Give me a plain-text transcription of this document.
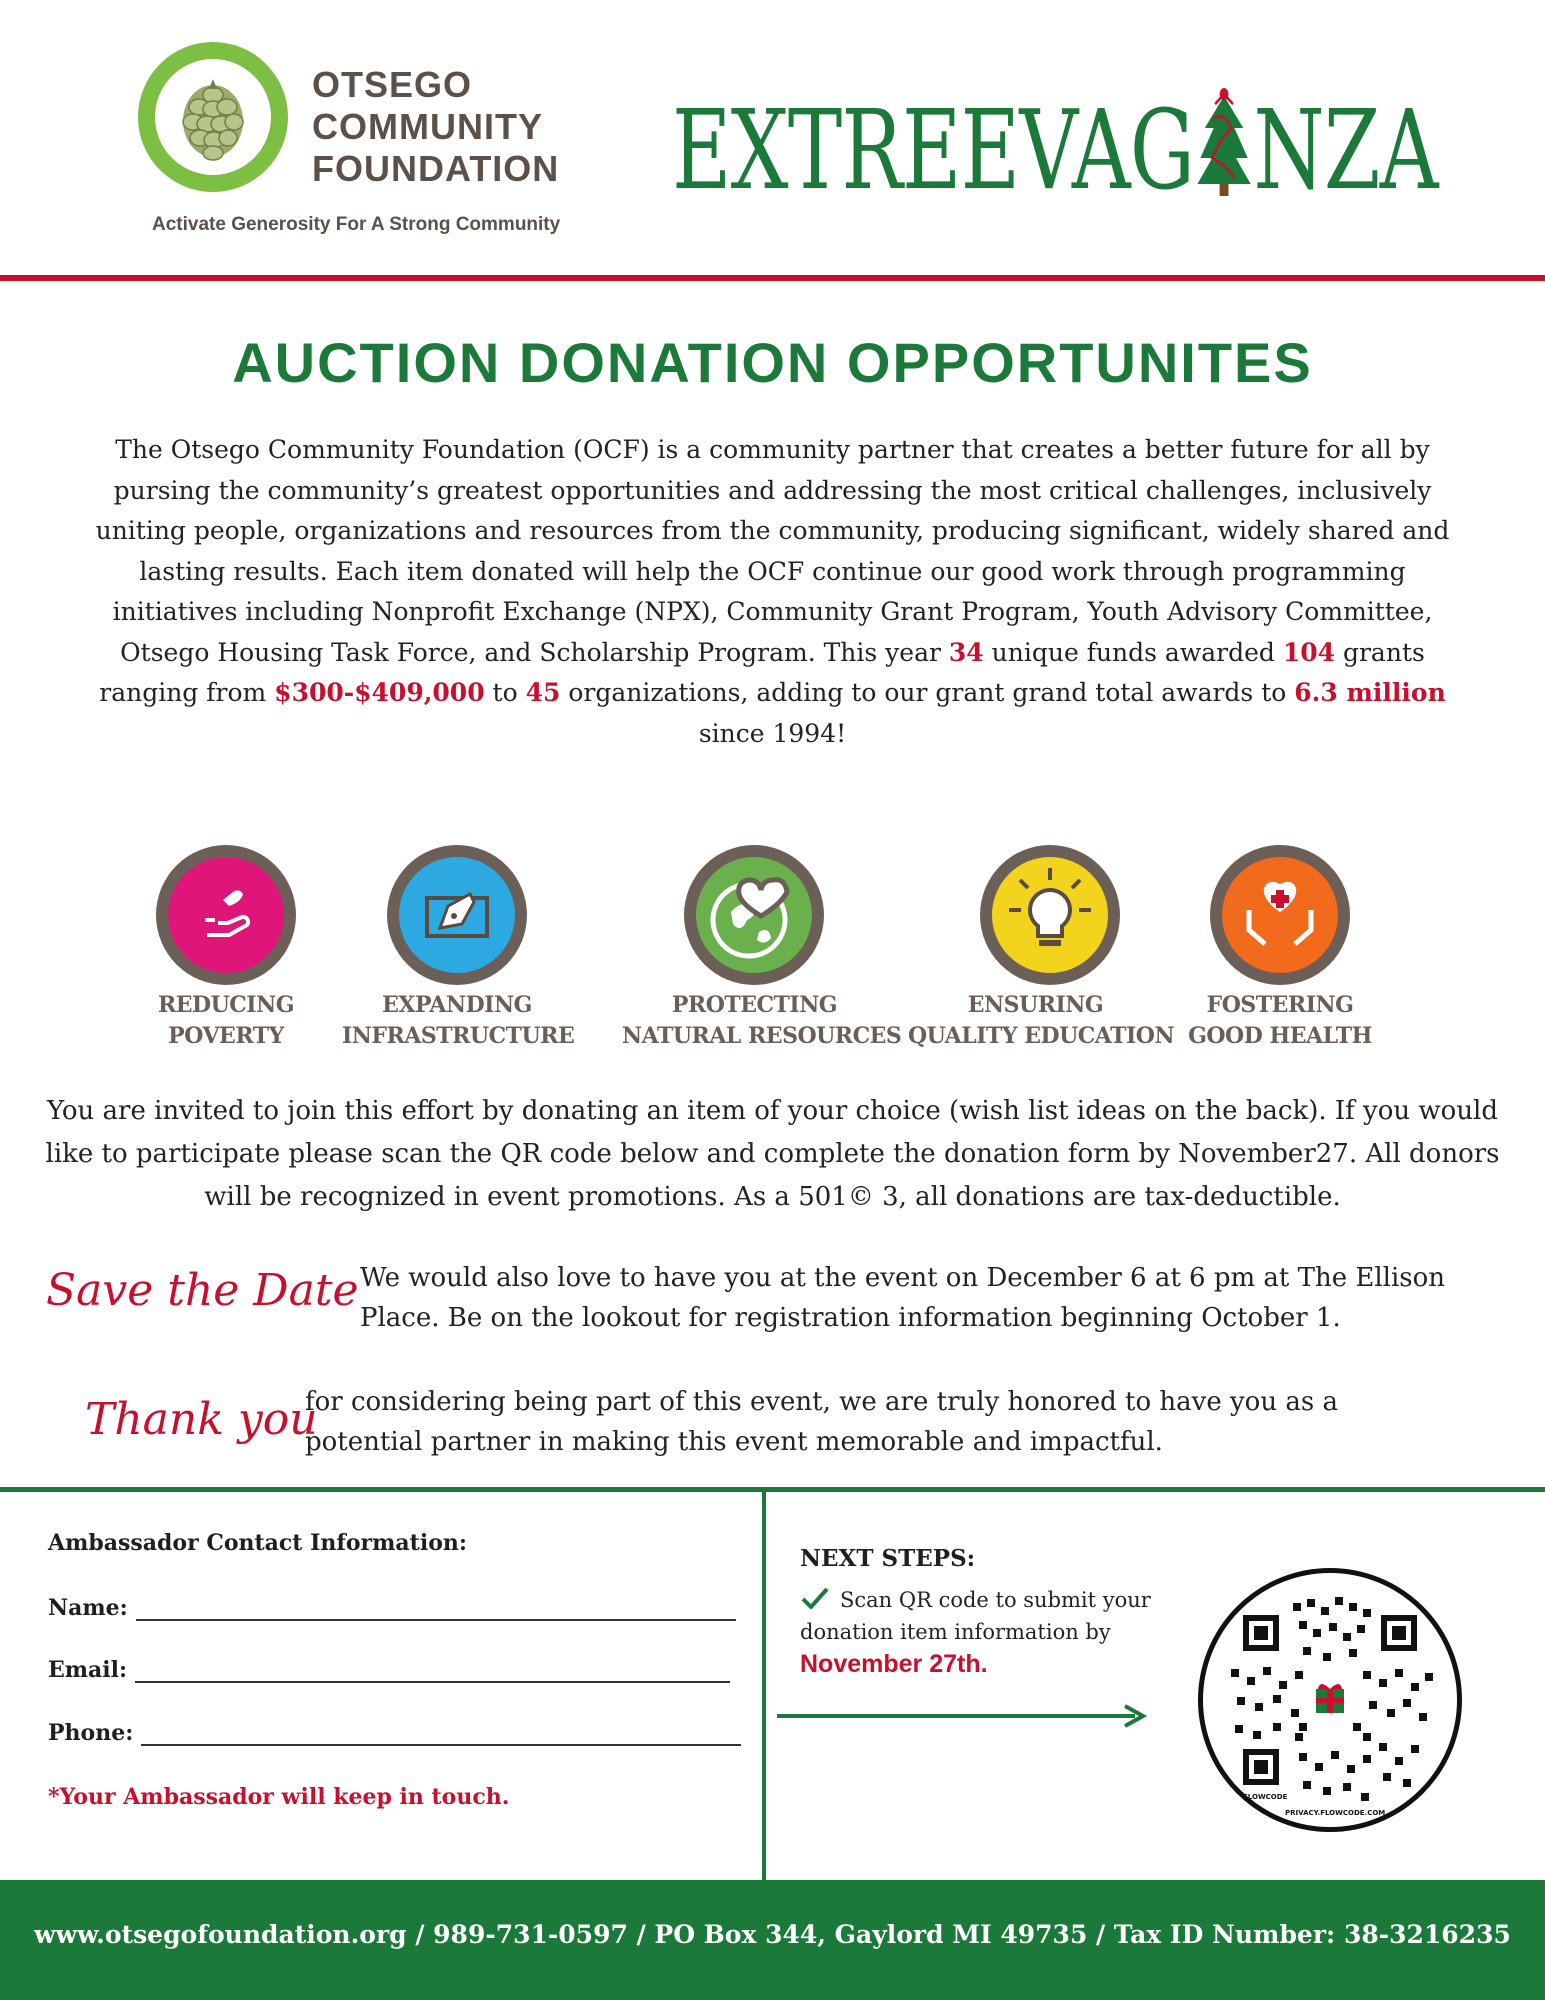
OTSEGO
COMMUNITY
FOUNDATION
Activate Generosity For A Strong Community
EXTREEVAG NZA
AUCTION DONATION OPPORTUNITES
The Otsego Community Foundation (OCF) is a community partner that creates a better future for all by pursing the community’s greatest opportunities and addressing the most critical challenges, inclusively uniting people, organizations and resources from the community, producing significant, widely shared and lasting results. Each item donated will help the OCF continue our good work through programming initiatives including Nonprofit Exchange (NPX), Community Grant Program, Youth Advisory Committee, Otsego Housing Task Force, and Scholarship Program. This year 34 unique funds awarded 104 grants ranging from $300-$409,000 to 45 organizations, adding to our grant grand total awards to 6.3 million since 1994!
REDUCING
POVERTY
EXPANDING
INFRASTRUCTURE
PROTECTING
NATURAL RESOURCES
ENSURING
QUALITY EDUCATION
FOSTERING
GOOD HEALTH
You are invited to join this effort by donating an item of your choice (wish list ideas on the back). If you would like to participate please scan the QR code below and complete the donation form by November27. All donors will be recognized in event promotions. As a 501© 3, all donations are tax-deductible.
Save the Date We would also love to have you at the event on December 6 at 6 pm at The Ellison Place. Be on the lookout for registration information beginning October 1.
Thank you
for considering being part of this event, we are truly honored to have you as a potential partner in making this event memorable and impactful.
Ambassador Contact Information:
Name:
Email:
Phone:
*Your Ambassador will keep in touch.
NEXT STEPS:
Scan QR code to submit your donation item information by
November 27th.
FLOWCODE
PRIVACY.FLOWCODE.COM
www.otsegofoundation.org / 989-731-0597 / PO Box 344, Gaylord MI 49735 / Tax ID Number: 38-3216235
